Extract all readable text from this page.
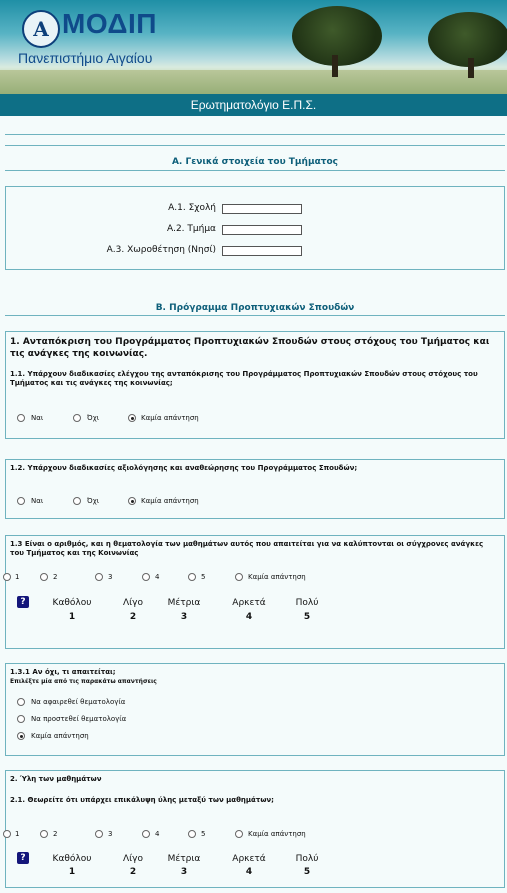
Α ΜΟΔΙΠ
Πανεπιστήμιο Αιγαίου
Ερωτηματολόγιο Ε.Π.Σ.
Α. Γενικά στοιχεία του Τμήματος
Α.1. Σχολή
Α.2. Τμήμα
Α.3. Χωροθέτηση (Νησί)
Β. Πρόγραμμα Προπτυχιακών Σπουδών
1. Ανταπόκριση του Προγράμματος Προπτυχιακών Σπουδών στους στόχους του Τμήματος και τις ανάγκες της κοινωνίας.
1.1. Υπάρχουν διαδικασίες ελέγχου της ανταπόκρισης του Προγράμματος Προπτυχιακών Σπουδών στους στόχους του Τμήματος και τις ανάγκες της κοινωνίας;
Ναι	Όχι	Καμία απάντηση
1.2. Υπάρχουν διαδικασίες αξιολόγησης και αναθεώρησης του Προγράμματος Σπουδών;
Ναι	Όχι	Καμία απάντηση
1.3 Είναι ο αριθμός, και η θεματολογία των μαθημάτων αυτός που απαιτείται για να καλύπτονται οι σύγχρονες ανάγκες του Τμήματος και της Κοινωνίας
1	2	3	4	5	Καμία απάντηση
?	Καθόλου	Λίγο	Μέτρια	Αρκετά	Πολύ
1	2	3	4	5
1.3.1 Αν όχι, τι απαιτείται;
Επιλέξτε μία από τις παρακάτω απαντήσεις
Να αφαιρεθεί θεματολογία
Να προστεθεί θεματολογία
Καμία απάντηση
2. Ύλη των μαθημάτων
2.1. Θεωρείτε ότι υπάρχει επικάλυψη ύλης μεταξύ των μαθημάτων;
1	2	3	4	5	Καμία απάντηση
?	Καθόλου	Λίγο	Μέτρια	Αρκετά	Πολύ
1	2	3	4	5
